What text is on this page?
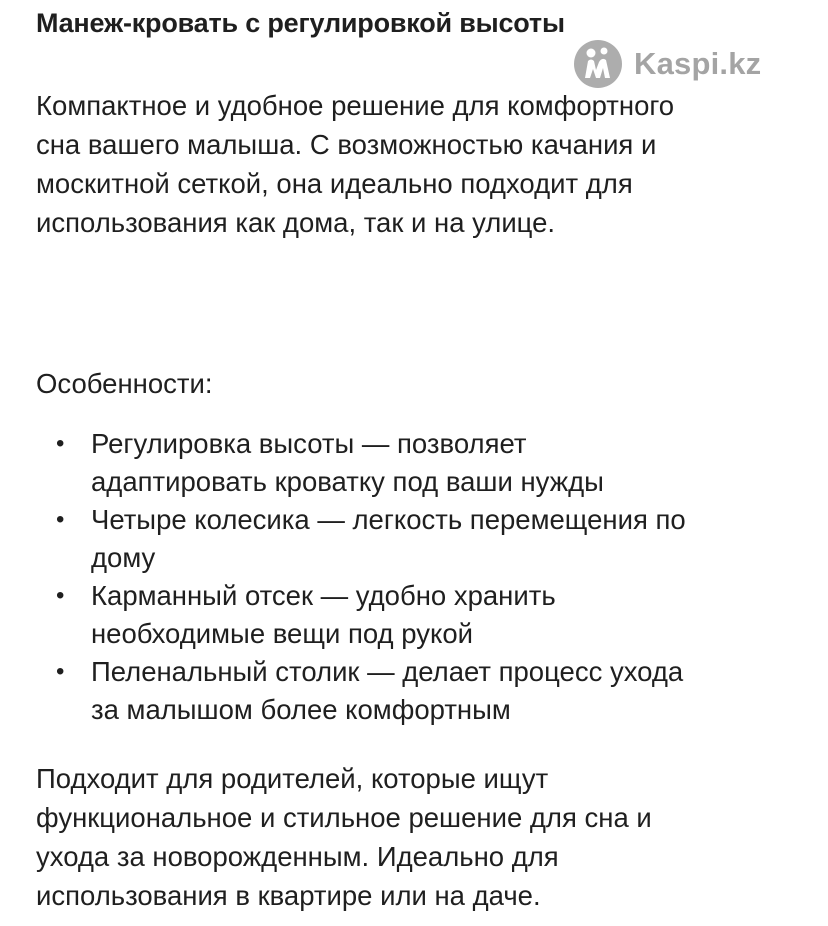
Манеж-кровать с регулировкой высоты
Kaspi.kz

Компактное и удобное решение для комфортного
сна вашего малыша. С возможностью качания и
москитной сеткой, она идеально подходит для
использования как дома, так и на улице.

Особенности:

• Регулировка высоты — позволяет
адаптировать кроватку под ваши нужды
• Четыре колесика — легкость перемещения по
дому
• Карманный отсек — удобно хранить
необходимые вещи под рукой
• Пеленальный столик — делает процесс ухода
за малышом более комфортным

Подходит для родителей, которые ищут
функциональное и стильное решение для сна и
ухода за новорожденным. Идеально для
использования в квартире или на даче.
